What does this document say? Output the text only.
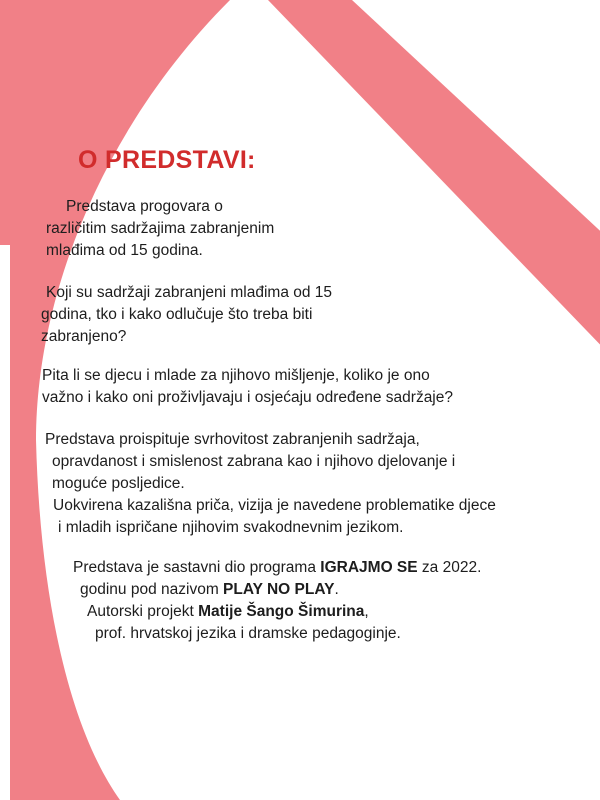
O PREDSTAVI:

Predstava progovara o

različitim sadržajima zabranjenim

mlađima od 15 godina.

Koji su sadržaji zabranjeni mlađima od 15

godina, tko i kako odlučuje što treba biti

zabranjeno?

Pita li se djecu i mlade za njihovo mišljenje, koliko je ono

važno i kako oni proživljavaju i osjećaju određene sadržaje?

Predstava proispituje svrhovitost zabranjenih sadržaja,

opravdanost i smislenost zabrana kao i njihovo djelovanje i

moguće posljedice.

Uokvirena kazališna priča, vizija je navedene problematike djece

i mladih ispričane njihovim svakodnevnim jezikom.

Predstava je sastavni dio programa IGRAJMO SE za 2022.

godinu pod nazivom PLAY NO PLAY.

Autorski projekt Matije Šango Šimurina,

prof. hrvatskoj jezika i dramske pedagoginje.
